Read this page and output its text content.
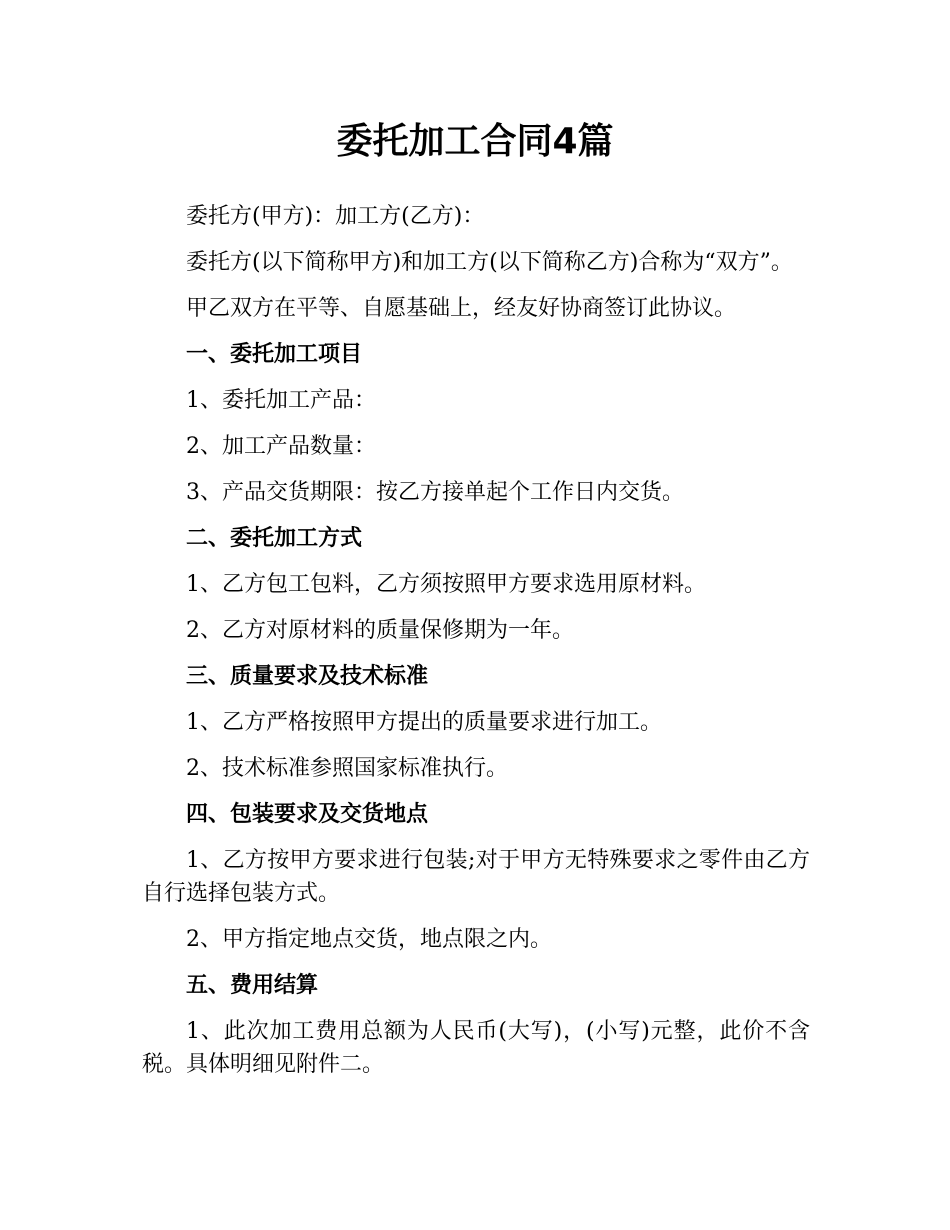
委托加工合同4篇

委托方(甲方)：加工方(乙方)：

委托方(以下简称甲方)和加工方(以下简称乙方)合称为“双方”。

甲乙双方在平等、自愿基础上，经友好协商签订此协议。

一、委托加工项目

1、委托加工产品：

2、加工产品数量：

3、产品交货期限：按乙方接单起个工作日内交货。

二、委托加工方式

1、乙方包工包料，乙方须按照甲方要求选用原材料。

2、乙方对原材料的质量保修期为一年。

三、质量要求及技术标准

1、乙方严格按照甲方提出的质量要求进行加工。

2、技术标准参照国家标准执行。

四、包装要求及交货地点

1、乙方按甲方要求进行包装;对于甲方无特殊要求之零件由乙方自行选择包装方式。

2、甲方指定地点交货，地点限之内。

五、费用结算

1、此次加工费用总额为人民币(大写)，(小写)元整，此价不含税。具体明细见附件二。
